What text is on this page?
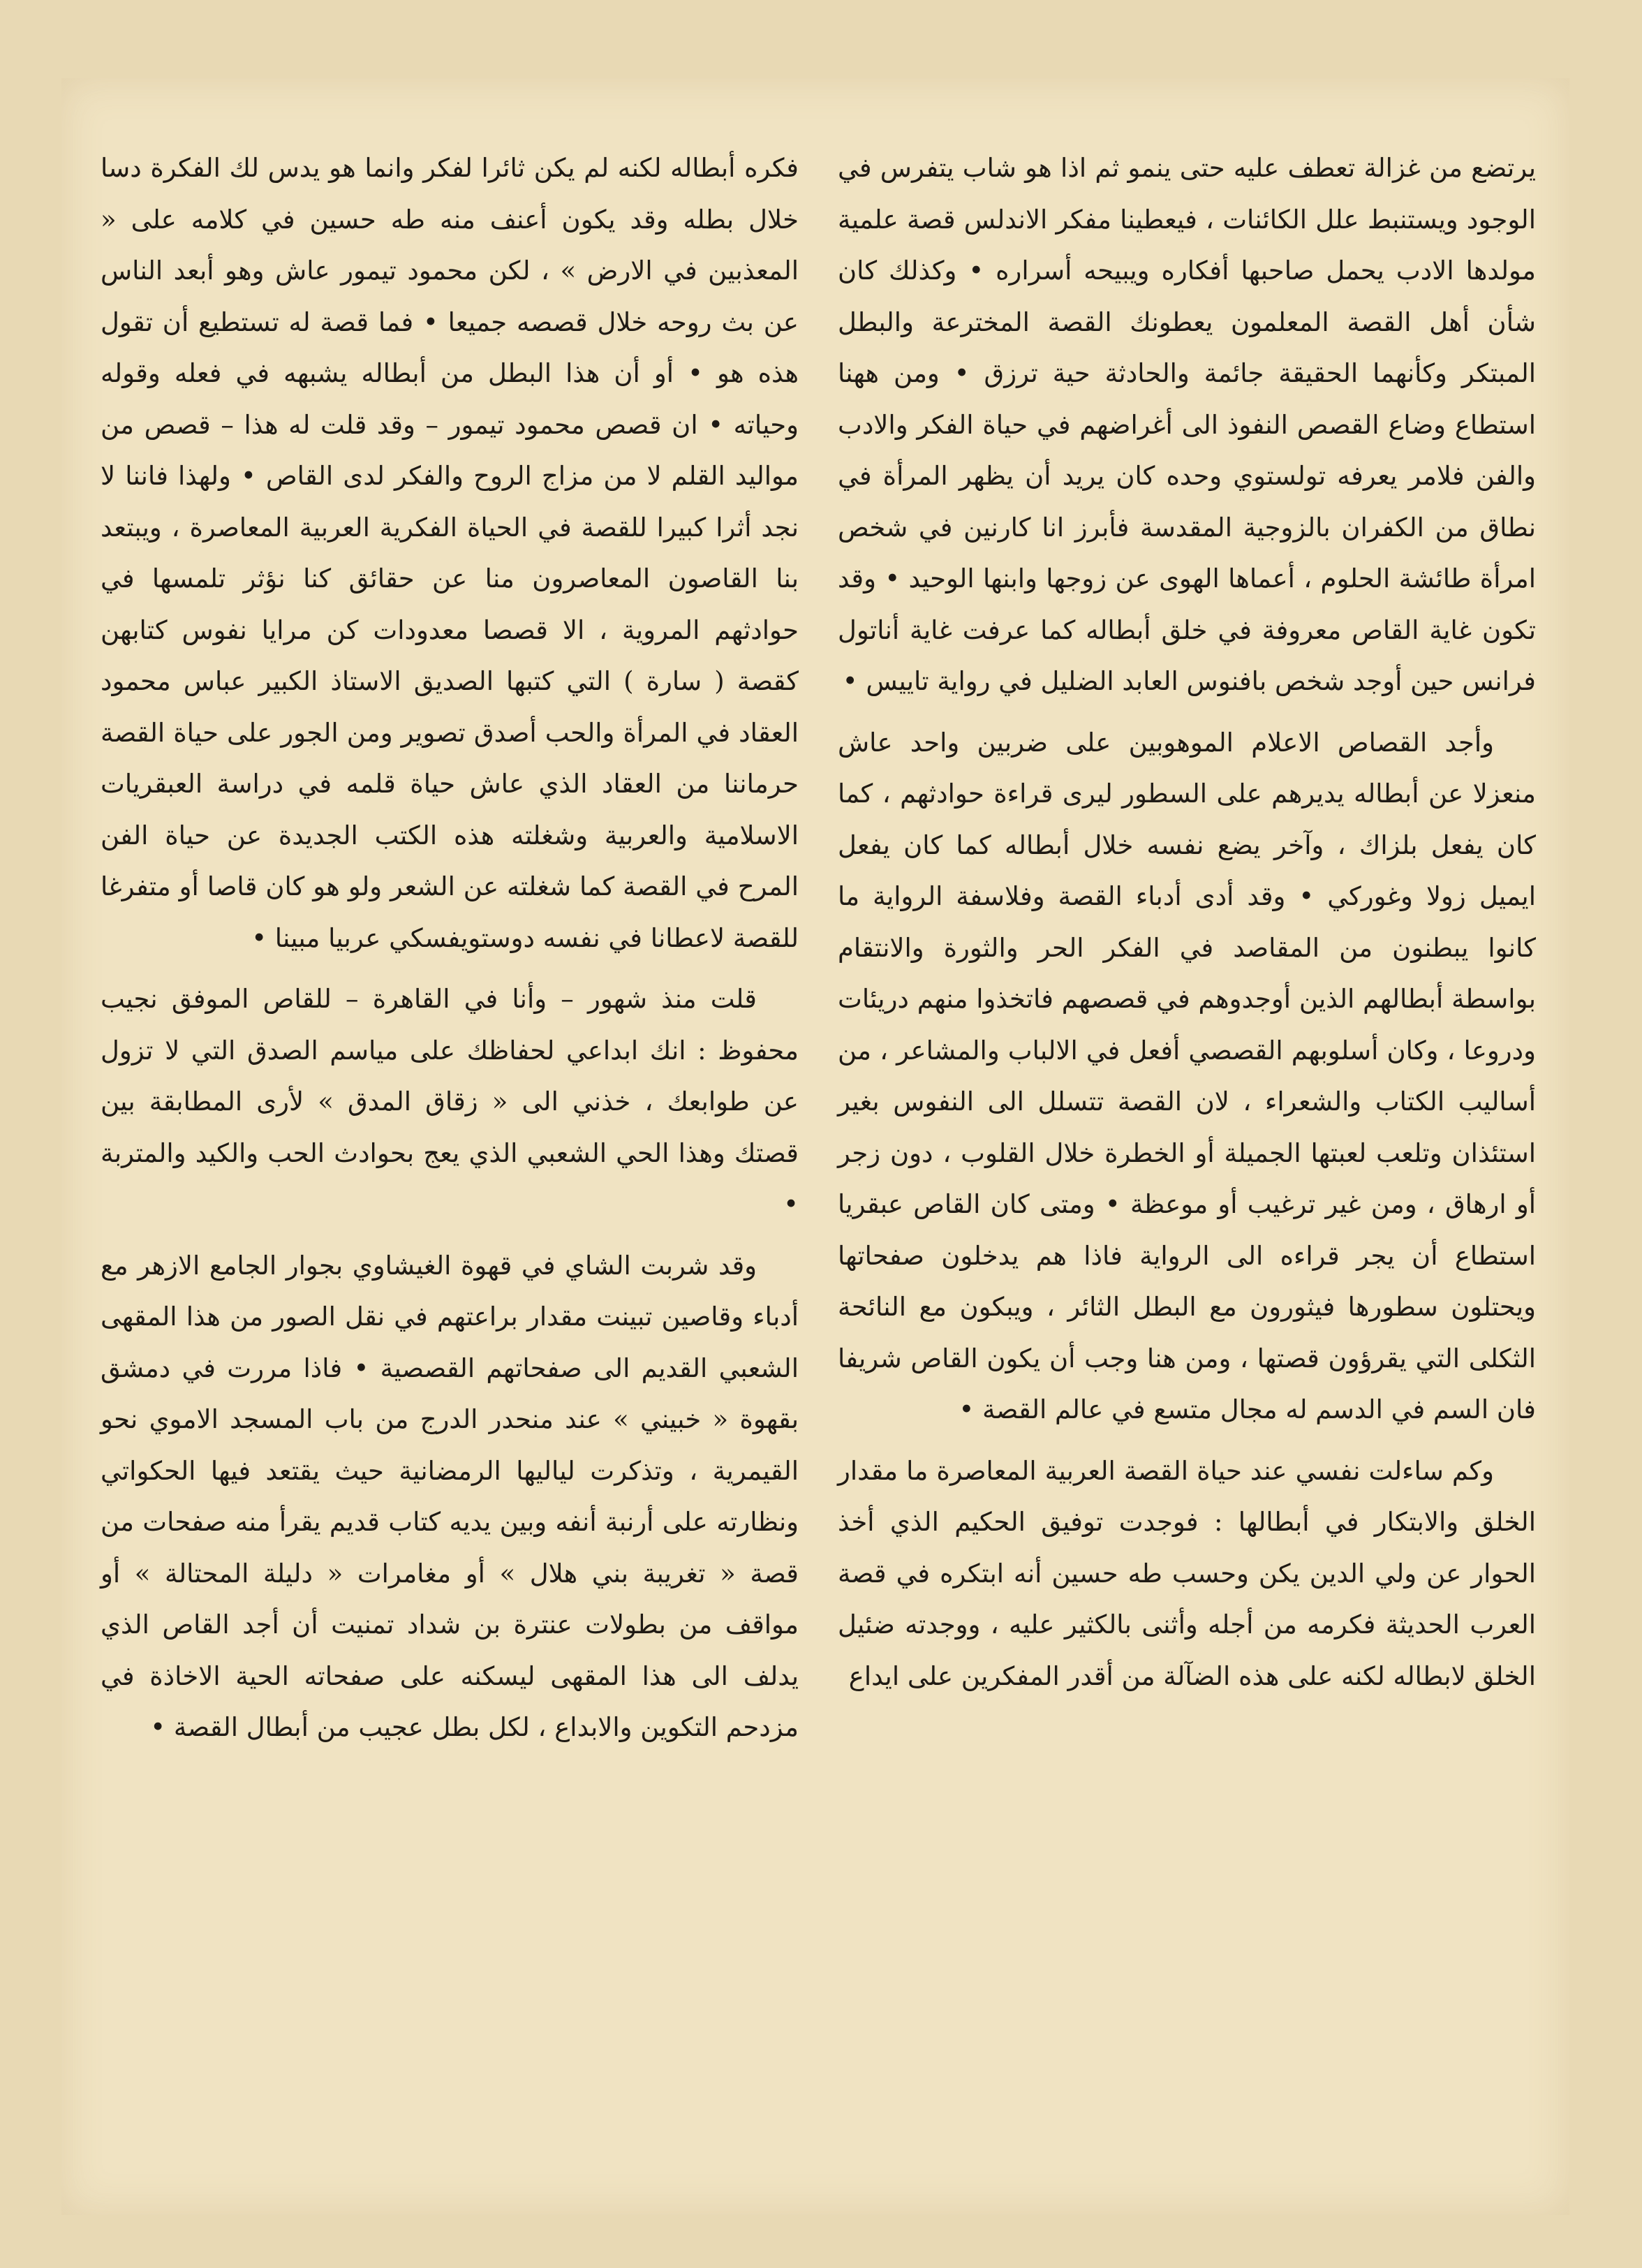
يرتضع من غزالة تعطف عليه حتى ينمو ثم اذا هو شاب يتفرس في الوجود ويستنبط علل الكائنات ، فيعطينا مفكر الاندلس قصة علمية مولدها الادب يحمل صاحبها أفكاره ويبيحه أسراره • وكذلك كان شأن أهل القصة المعلمون يعطونك القصة المخترعة والبطل المبتكر وكأنهما الحقيقة جائمة والحادثة حية ترزق • ومن ههنا استطاع وضاع القصص النفوذ الى أغراضهم في حياة الفكر والادب والفن فلامر يعرفه تولستوي وحده كان يريد أن يظهر المرأة في نطاق من الكفران بالزوجية المقدسة فأبرز انا كارنين في شخص امرأة طائشة الحلوم ، أعماها الهوى عن زوجها وابنها الوحيد • وقد تكون غاية القاص معروفة في خلق أبطاله كما عرفت غاية أناتول فرانس حين أوجد شخص بافنوس العابد الضليل في رواية تاييس •

وأجد القصاص الاعلام الموهوبين على ضربين واحد عاش منعزلا عن أبطاله يديرهم على السطور ليرى قراءة حوادثهم ، كما كان يفعل بلزاك ، وآخر يضع نفسه خلال أبطاله كما كان يفعل ايميل زولا وغوركي • وقد أدى أدباء القصة وفلاسفة الرواية ما كانوا يبطنون من المقاصد في الفكر الحر والثورة والانتقام بواسطة أبطالهم الذين أوجدوهم في قصصهم فاتخذوا منهم دريئات ودروعا ، وكان أسلوبهم القصصي أفعل في الالباب والمشاعر ، من أساليب الكتاب والشعراء ، لان القصة تتسلل الى النفوس بغير استئذان وتلعب لعبتها الجميلة أو الخطرة خلال القلوب ، دون زجر أو ارهاق ، ومن غير ترغيب أو موعظة • ومتى كان القاص عبقريا استطاع أن يجر قراءه الى الرواية فاذا هم يدخلون صفحاتها ويحتلون سطورها فيثورون مع البطل الثائر ، ويبكون مع النائحة الثكلى التي يقرؤون قصتها ، ومن هنا وجب أن يكون القاص شريفا فان السم في الدسم له مجال متسع في عالم القصة •

وكم ساءلت نفسي عند حياة القصة العربية المعاصرة ما مقدار الخلق والابتكار في أبطالها : فوجدت توفيق الحكيم الذي أخذ الحوار عن ولي الدين يكن وحسب طه حسين أنه ابتكره في قصة العرب الحديثة فكرمه من أجله وأثنى بالكثير عليه ، ووجدته ضئيل الخلق لابطاله لكنه على هذه الضآلة من أقدر المفكرين على ايداع

فكره أبطاله لكنه لم يكن ثائرا لفكر وانما هو يدس لك الفكرة دسا خلال بطله وقد يكون أعنف منه طه حسين في كلامه على « المعذبين في الارض » ، لكن محمود تيمور عاش وهو أبعد الناس عن بث روحه خلال قصصه جميعا • فما قصة له تستطيع أن تقول هذه هو • أو أن هذا البطل من أبطاله يشبهه في فعله وقوله وحياته • ان قصص محمود تيمور – وقد قلت له هذا – قصص من مواليد القلم لا من مزاج الروح والفكر لدى القاص • ولهذا فاننا لا نجد أثرا كبيرا للقصة في الحياة الفكرية العربية المعاصرة ، ويبتعد بنا القاصون المعاصرون منا عن حقائق كنا نؤثر تلمسها في حوادثهم المروية ، الا قصصا معدودات كن مرايا نفوس كتابهن كقصة ( سارة ) التي كتبها الصديق الاستاذ الكبير عباس محمود العقاد في المرأة والحب أصدق تصوير ومن الجور على حياة القصة حرماننا من العقاد الذي عاش حياة قلمه في دراسة العبقريات الاسلامية والعربية وشغلته هذه الكتب الجديدة عن حياة الفن المرح في القصة كما شغلته عن الشعر ولو هو كان قاصا أو متفرغا للقصة لاعطانا في نفسه دوستويفسكي عربيا مبينا •

قلت منذ شهور – وأنا في القاهرة – للقاص الموفق نجيب محفوظ : انك ابداعي لحفاظك على مياسم الصدق التي لا تزول عن طوابعك ، خذني الى « زقاق المدق » لأرى المطابقة بين قصتك وهذا الحي الشعبي الذي يعج بحوادث الحب والكيد والمتربة •

وقد شربت الشاي في قهوة الغيشاوي بجوار الجامع الازهر مع أدباء وقاصين تبينت مقدار براعتهم في نقل الصور من هذا المقهى الشعبي القديم الى صفحاتهم القصصية • فاذا مررت في دمشق بقهوة « خبيني » عند منحدر الدرج من باب المسجد الاموي نحو القيمرية ، وتذكرت لياليها الرمضانية حيث يقتعد فيها الحكواتي ونظارته على أرنبة أنفه وبين يديه كتاب قديم يقرأ منه صفحات من قصة « تغريبة بني هلال » أو مغامرات « دليلة المحتالة » أو مواقف من بطولات عنترة بن شداد تمنيت أن أجد القاص الذي يدلف الى هذا المقهى ليسكنه على صفحاته الحية الاخاذة في مزدحم التكوين والابداع ، لكل بطل عجيب من أبطال القصة •
